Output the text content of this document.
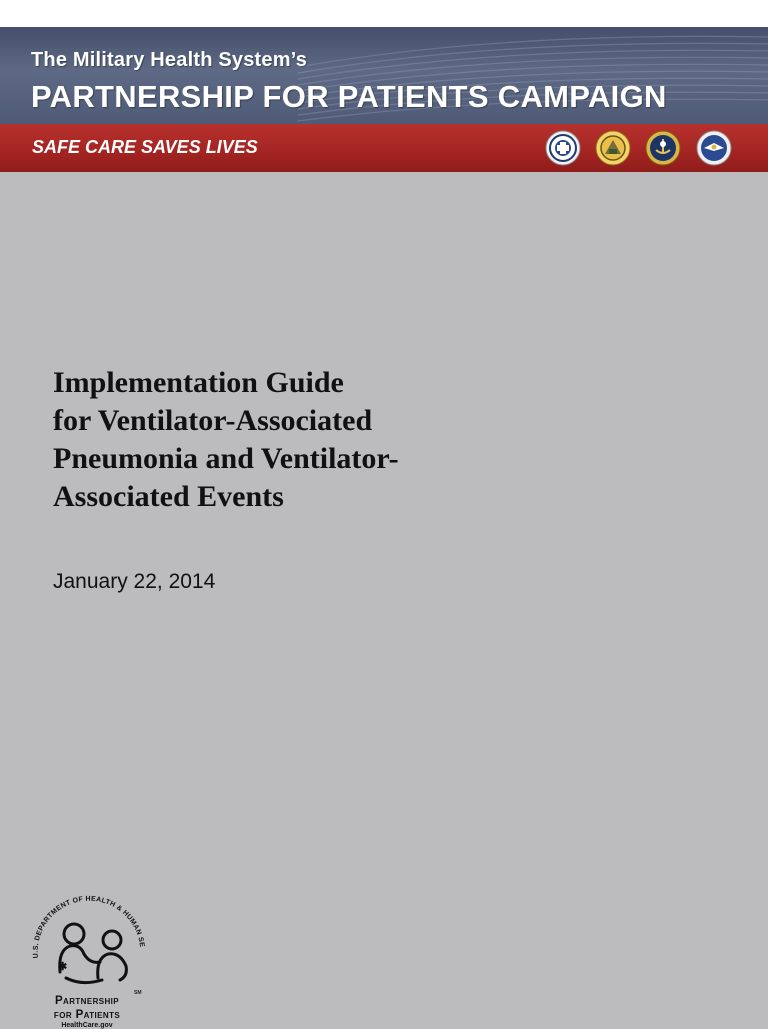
The Military Health System’s
PARTNERSHIP FOR PATIENTS CAMPAIGN
SAFE CARE SAVES LIVES
Implementation Guide
for Ventilator-Associated
Pneumonia and Ventilator-
Associated Events

January 22, 2014

U.S. DEPARTMENT OF HEALTH & HUMAN SE
✱
Partnership
SM
for Patients
HealthCare.gov
